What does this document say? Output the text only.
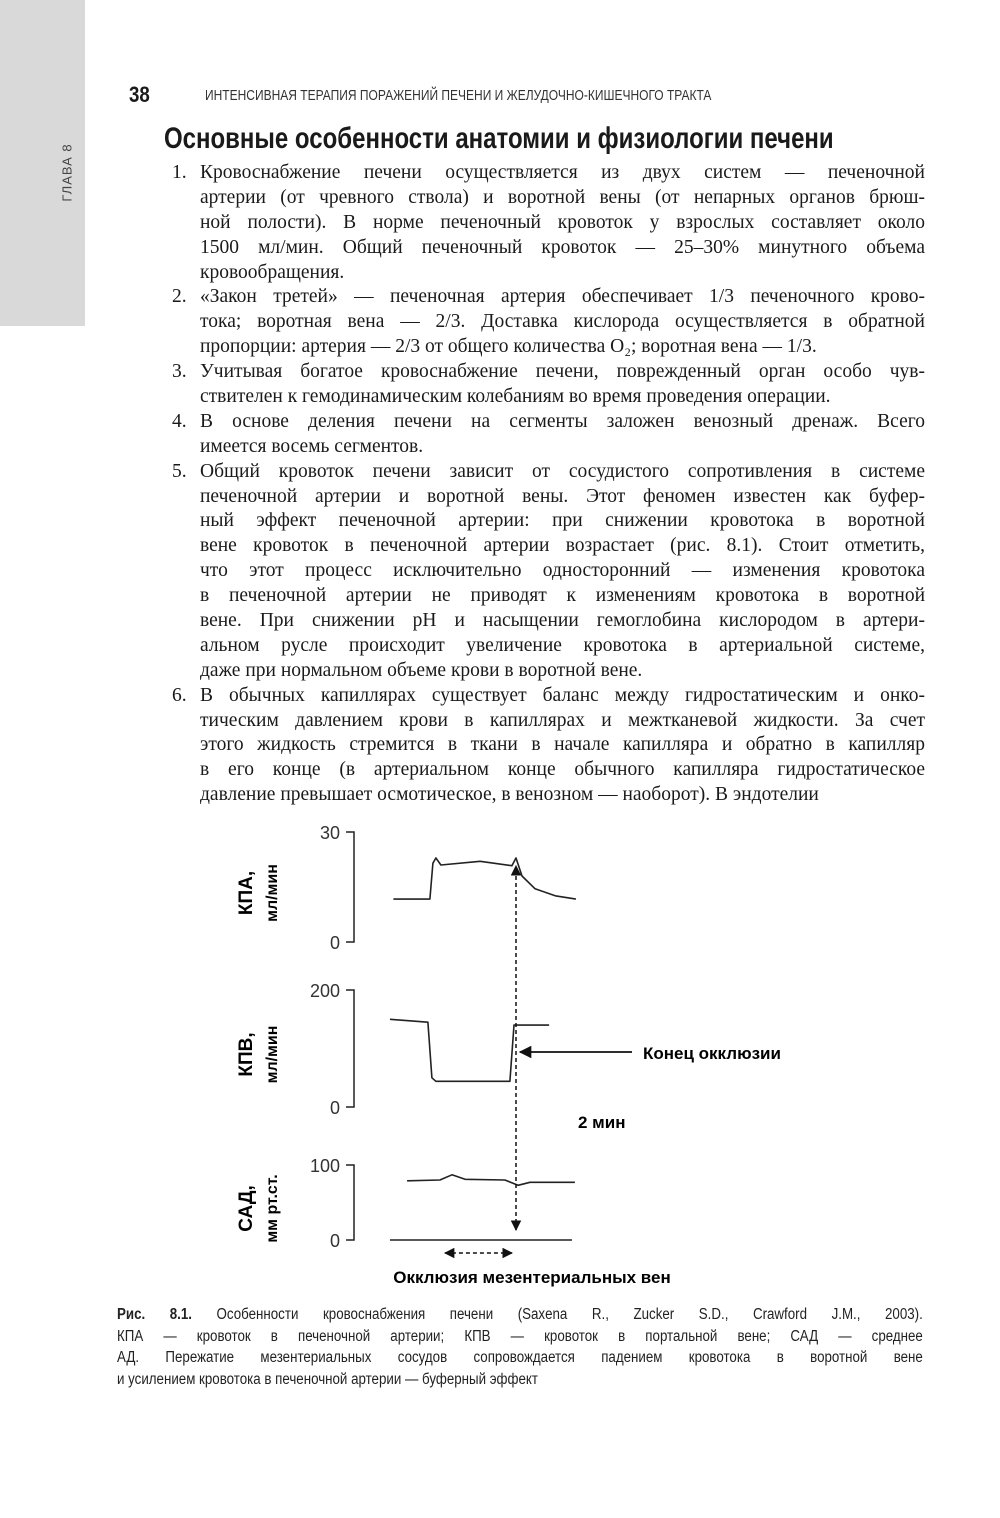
ГЛАВА 8
38	ИНТЕНСИВНАЯ ТЕРАПИЯ ПОРАЖЕНИЙ ПЕЧЕНИ И ЖЕЛУДОЧНО-КИШЕЧНОГО ТРАКТА
Основные особенности анатомии и физиологии печени
1. Кровоснабжение печени осуществляется из двух систем — печеночной
артерии (от чревного ствола) и воротной вены (от непарных органов брюш-
ной полости). В норме печеночный кровоток у взрослых составляет около
1500 мл/мин. Общий печеночный кровоток — 25–30% минутного объема
кровообращения.
2. «Закон третей» — печеночная артерия обеспечивает 1/3 печеночного крово-
тока; воротная вена — 2/3. Доставка кислорода осуществляется в обратной
пропорции: артерия — 2/3 от общего количества O₂; воротная вена — 1/3.
3. Учитывая богатое кровоснабжение печени, поврежденный орган особо чув-
ствителен к гемодинамическим колебаниям во время проведения операции.
4. В основе деления печени на сегменты заложен венозный дренаж. Всего
имеется восемь сегментов.
5. Общий кровоток печени зависит от сосудистого сопротивления в системе
печеночной артерии и воротной вены. Этот феномен известен как буфер-
ный эффект печеночной артерии: при снижении кровотока в воротной
вене кровоток в печеночной артерии возрастает (рис. 8.1). Стоит отметить,
что этот процесс исключительно односторонний — изменения кровотока
в печеночной артерии не приводят к изменениям кровотока в воротной
вене. При снижении pH и насыщении гемоглобина кислородом в артери-
альном русле происходит увеличение кровотока в артериальной системе,
даже при нормальном объеме крови в воротной вене.
6. В обычных капиллярах существует баланс между гидростатическим и онко-
тическим давлением крови в капиллярах и межтканевой жидкости. За счет
этого жидкость стремится в ткани в начале капилляра и обратно в капилляр
в его конце (в артериальном конце обычного капилляра гидростатическое
давление превышает осмотическое, в венозном — наоборот). В эндотелии
30
0
КПА, мл/мин
200
0
КПВ, мл/мин
100
0
САД, мм рт.ст.
Конец окклюзии
2 мин
Окклюзия мезентериальных вен
Рис. 8.1. Особенности кровоснабжения печени (Saxena R., Zucker S.D., Crawford J.M., 2003).
КПА — кровоток в печеночной артерии; КПВ — кровоток в портальной вене; САД — среднее
АД. Пережатие мезентериальных сосудов сопровождается падением кровотока в воротной вене
и усилением кровотока в печеночной артерии — буферный эффект
